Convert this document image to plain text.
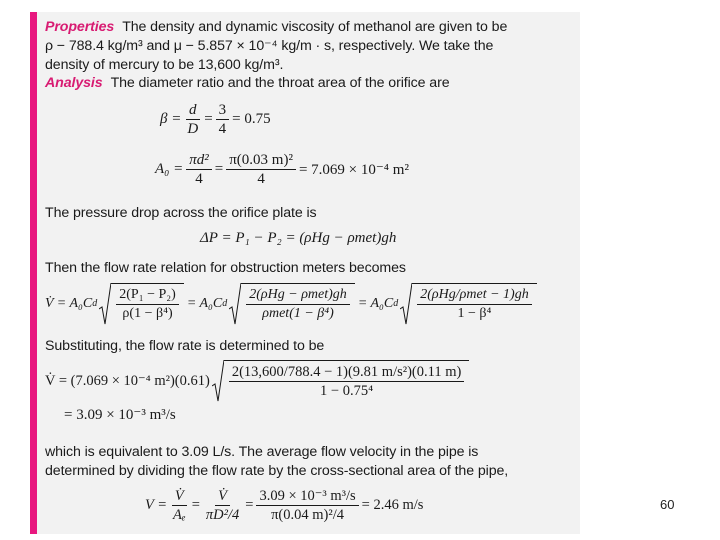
Properties The density and dynamic viscosity of methanol are given to be
ρ − 788.4 kg/m³ and μ − 5.857 × 10⁻⁴ kg/m · s, respectively. We take the
density of mercury to be 13,600 kg/m³.
Analysis The diameter ratio and the throat area of the orifice are
$\beta = \frac{d}{D} = \frac{3}{4} = 0.75$
$A_0 = \frac{\text{πd²}}{4} = \frac{\text{π(0.03 m)²}}{4} = 7.069 \times 10^{-4}$ m²
The pressure drop across the orifice plate is
ΔP = P₁ − P₂ = (ρHg − ρmet)gh
Then the flow rate relation for obstruction meters becomes
V̇ = A₀C d $\frac{\text{2(P₁ − P₂)}}{\text{ρ(1 − β⁴)}} = A_0C$ d $\frac{\text{2(ρHg − ρmet)gh}}{\text{ρmet(1 − β⁴)}} = A_0C$ d $\frac{\text{2(ρHg/ρmet − 1)gh}}{\text{1 − β⁴}}$
Substituting, the flow rate is determined to be
V̇ = (7.069 × 10⁻⁴ $m^2)(0.61) \frac{\text{2(13,600/788.4 − 1)(9.81 m/s²)(0.11 m)}}{\text{1 − 0.75⁴}}$
= 3.09 × 10⁻³ m³/s
which is equivalent to 3.09 L/s. The average flow velocity in the pipe is
determined by dividing the flow rate by the cross-sectional area of the pipe,
$V = \frac{V̇}{\text{Aₑ}} = \frac{V̇}{\text{πD²/4}} = \frac{\text{3.09 × 10⁻³ m³/s}}{\text{π(0.04 m)²/4}} = 2.46$ m/s	60
